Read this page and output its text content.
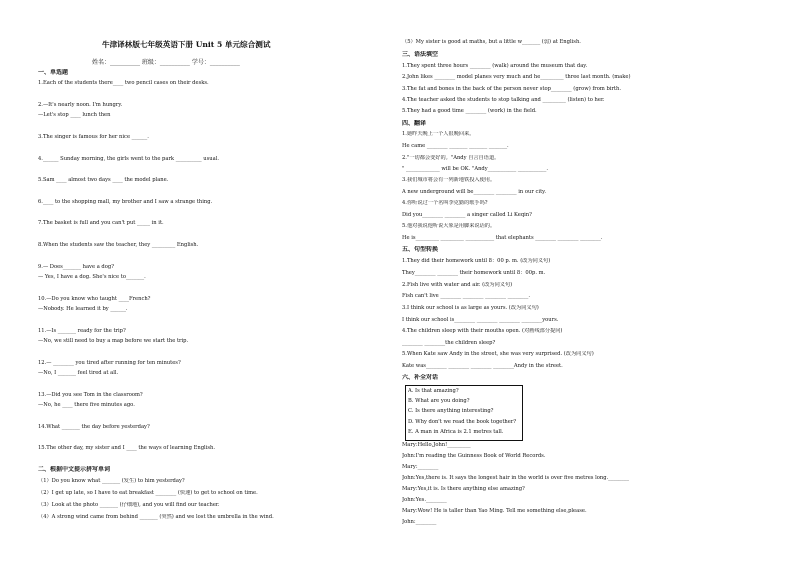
牛津译林版七年级英语下册 Unit 5 单元综合测试
姓名：__________ 班级：__________ 学号：__________
一、单选题
1.Each of the students there____ two pencil cases on their desks.
2.—It's nearly noon. I'm hungry.
—Let's stop ____ lunch then
3.The singer is famous for her nice ______.
4.______ Sunday morning, the girls went to the park __________ usual.
5.Sam ____ almost two days ____ the model plane.
6.____ to the shopping mall, my brother and I saw a strange thing.
7.The basket is full and you can't put _____ in it.
8.When the students saw the teacher, they _________ English.
9.— Does_______ have a dog?
— Yes, I have a dog. She's nice to_______.
10.—Do you know who taught ____French?
—Nobody. He learned it by ______.
11.—Is _______ ready for the trip?
—No, we still need to buy a map before we start the trip.
12.— ________ you tired after running for ten minutes?
—No, I _______ feel tired at all.
13.—Did you see Tom in the classroom?
—No, he ____ there five minutes ago.
14.What _______ the day before yesterday?
15.The other day, my sister and I ____ the ways of learning English.
二、根据中文提示拼写单词
（1）Do you know what _______ (发生) to him yesterday?
（2）I get up late, so I have to eat breakfast ________ (快速) to get to school on time.
（3）Look at the photo _______ (仔细地), and you will find our teacher.
（4）A strong wind came from behind _______ (突然) and we lost the umbrella in the wind.
（5）My sister is good at maths, but a little w_______ (弱) at English.
三、语法填空
1.They spent three hours ________ (walk) around the museum that day.
2.John likes ________ model planes very much and he_________ three last month. (make)
3.The fat and bones in the back of the person never stop________ (grow) from birth.
4.The teacher asked the students to stop talking and _________ (listen) to her.
5.They had a good time ________ (work) in the field.
四、翻译
1.她昨天晚上一个人很晚回来。
He came ________ _______ _______ _______.
2."一切都会变好的。"Andy 自言自语道。
" _____________ will be OK. "Andy___________ ___________.
3.我们城市将会有一列新地铁投入使用。
A new underground will be________ ________ in our city.
4.你听说过一个名叫李克勤的歌手吗?
Did you________ ________ a singer called Li Keqin?
5.他对我说他听说大象是用脚来说话的。
He is_________ _________ ___________ that elephants ________ ________ ________.
五、句型转换
1.They did their homework until 8：00 p. m. (改为同义句)
They________ ________ their homework until 8：00p. m.
2.Fish live with water and air. (改为同义句)
Fish can't live ________ ________ ________ ________.
3.I think our school is as large as yours. (改为同义句)
I think our school is________ ________ ________ ________yours.
4.The children sleep with their mouths open. (对画线部分提问)
________ ________the children sleep?
5.When Kate saw Andy in the street, she was very surprised. (改为同义句)
Kate was________ ________ ________ ________Andy in the street.
六、补全对话
A. Is that amazing?
B. What are you doing?
C. Is there anything interesting?
D. Why don't we read the book together?
E. A man in Africa is 2.1 metres tall.
Mary:Hello,John!_________
John:I'm reading the Guinness Book of World Records.
Mary:________
John:Yes,there is. It says the longest hair in the world is over five metres long.________
Mary:Yes,it is. Is there anything else amazing?
John:Yes.________
Mary:Wow! He is taller than Yao Ming. Tell me something else,please.
John:________
